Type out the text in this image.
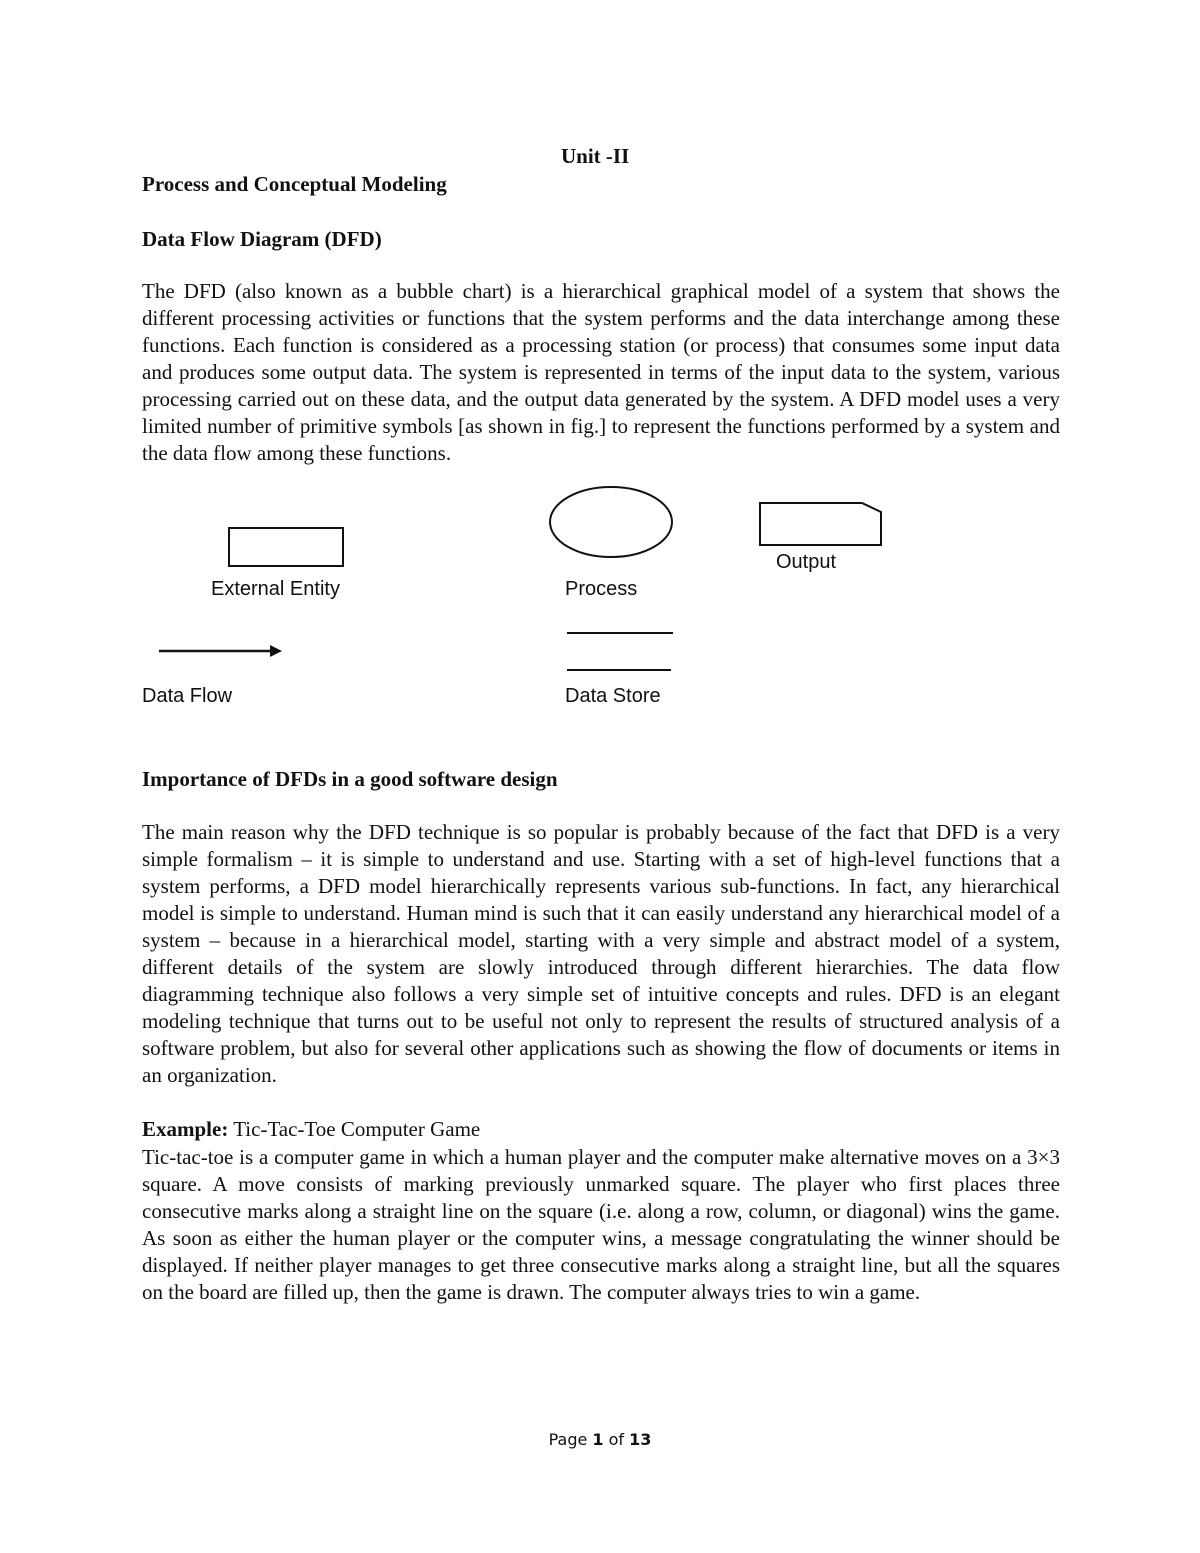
Unit -II
Process and Conceptual Modeling
Data Flow Diagram (DFD)

The DFD (also known as a bubble chart) is a hierarchical graphical model of a system that shows the different processing activities or functions that the system performs and the data interchange among these functions. Each function is considered as a processing station (or process) that consumes some input data and produces some output data. The system is represented in terms of the input data to the system, various processing carried out on these data, and the output data generated by the system. A DFD model uses a very limited number of primitive symbols [as shown in fig.] to represent the functions performed by a system and the data flow among these functions.

External Entity	Process
Output
Data Flow	Data Store
Importance of DFDs in a good software design

The main reason why the DFD technique is so popular is probably because of the fact that DFD is a very simple formalism – it is simple to understand and use. Starting with a set of high-level functions that a system performs, a DFD model hierarchically represents various sub-functions. In fact, any hierarchical model is simple to understand. Human mind is such that it can easily understand any hierarchical model of a system – because in a hierarchical model, starting with a very simple and abstract model of a system, different details of the system are slowly introduced through different hierarchies. The data flow diagramming technique also follows a very simple set of intuitive concepts and rules. DFD is an elegant modeling technique that turns out to be useful not only to represent the results of structured analysis of a software problem, but also for several other applications such as showing the flow of documents or items in an organization.

Example: Tic-Tac-Toe Computer Game

Tic-tac-toe is a computer game in which a human player and the computer make alternative moves on a 3×3 square. A move consists of marking previously unmarked square. The player who first places three consecutive marks along a straight line on the square (i.e. along a row, column, or diagonal) wins the game. As soon as either the human player or the computer wins, a message congratulating the winner should be displayed. If neither player manages to get three consecutive marks along a straight line, but all the squares on the board are filled up, then the game is drawn. The computer always tries to win a game.

Page 1 of 13
